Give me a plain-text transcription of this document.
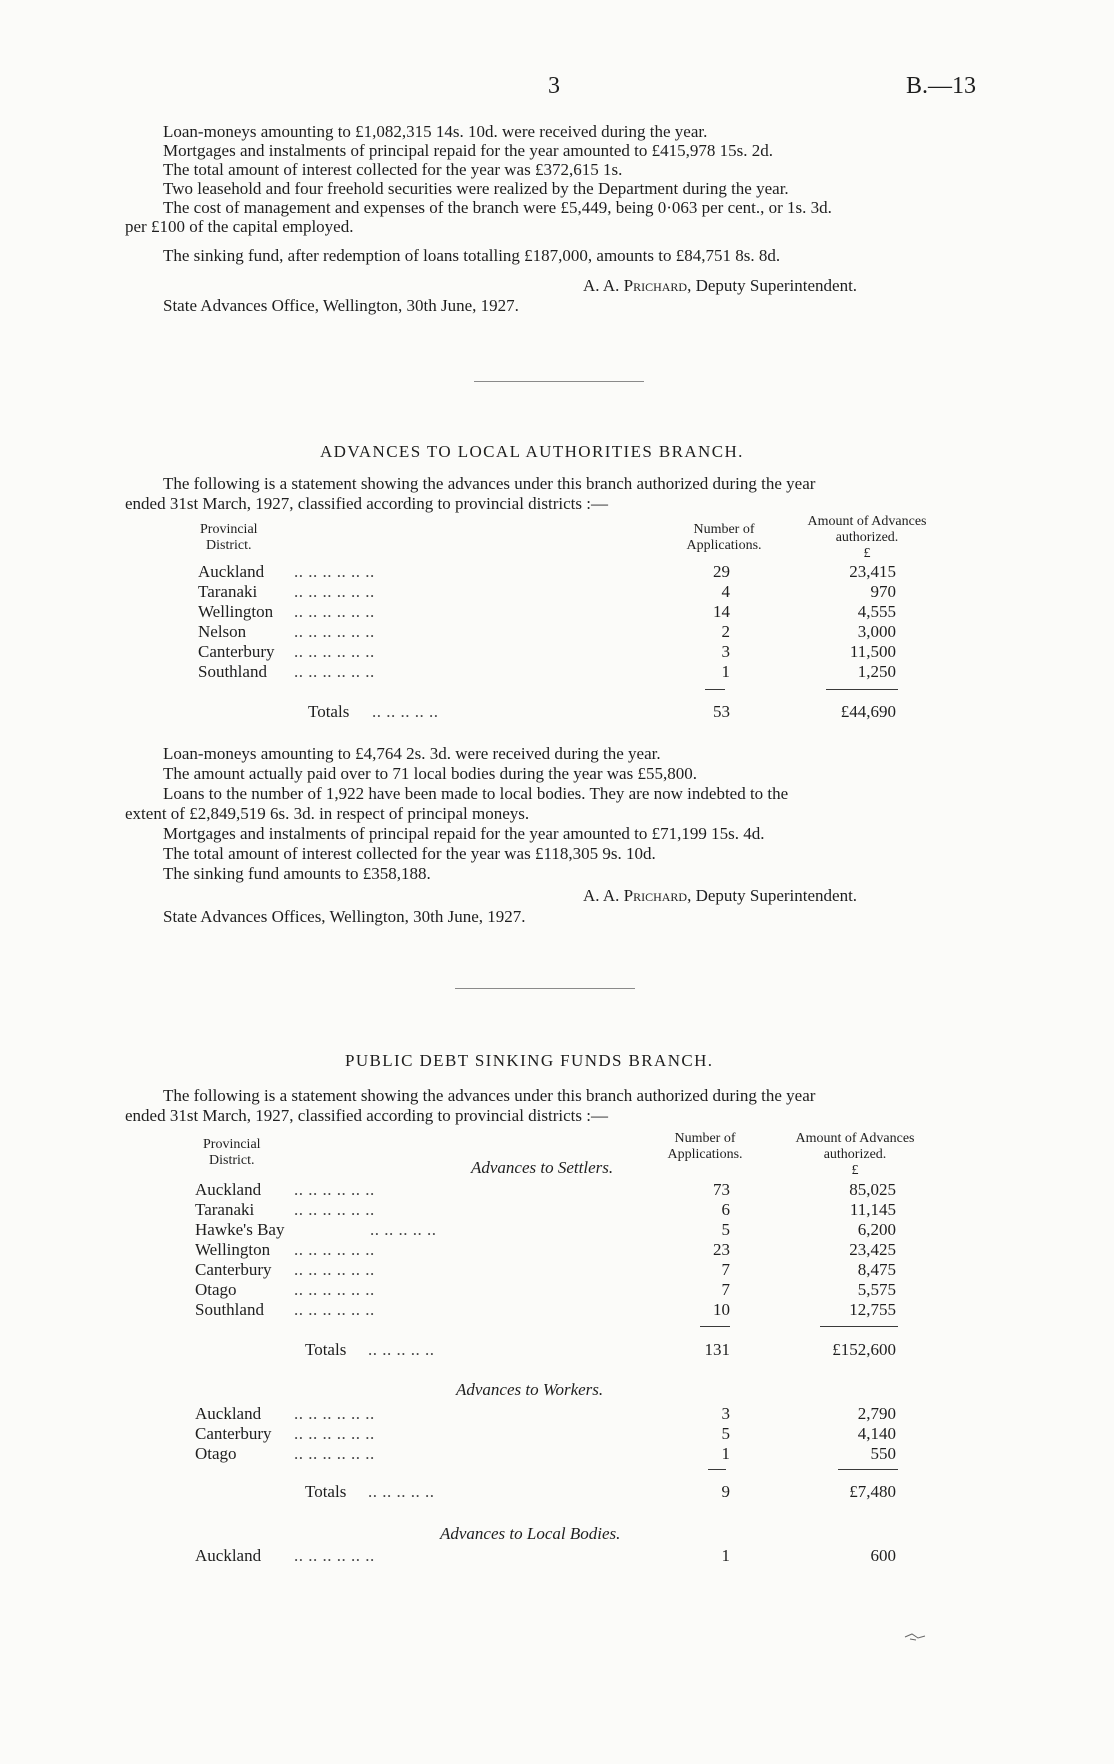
3	B.—13
Loan-moneys amounting to £1,082,315 14s. 10d. were received during the year.
Mortgages and instalments of principal repaid for the year amounted to £415,978 15s. 2d.
The total amount of interest collected for the year was £372,615 1s.
Two leasehold and four freehold securities were realized by the Department during the year.
The cost of management and expenses of the branch were £5,449, being 0·063 per cent., or 1s. 3d.
per £100 of the capital employed.
The sinking fund, after redemption of loans totalling £187,000, amounts to £84,751 8s. 8d.
A. A. Prichard, Deputy Superintendent.
State Advances Office, Wellington, 30th June, 1927.
ADVANCES TO LOCAL AUTHORITIES BRANCH.
The following is a statement showing the advances under this branch authorized during the year
ended 31st March, 1927, classified according to provincial districts :—
Provincial
District.
Number of
Applications.
Amount of Advances
authorized.
£
Auckland .. .. .. .. .. ..	29	23,415
Taranaki .. .. .. .. .. ..	4	970
Wellington .. .. .. .. .. ..	14	4,555
Nelson	.. .. .. .. .. ..	2	3,000
Canterbury .. .. .. .. .. ..	3	11,500
Southland .. .. .. .. .. ..	1	1,250
Totals .. .. .. .. ..	53	£44,690
Loan-moneys amounting to £4,764 2s. 3d. were received during the year.
The amount actually paid over to 71 local bodies during the year was £55,800.
Loans to the number of 1,922 have been made to local bodies. They are now indebted to the
extent of £2,849,519 6s. 3d. in respect of principal moneys.
Mortgages and instalments of principal repaid for the year amounted to £71,199 15s. 4d.
The total amount of interest collected for the year was £118,305 9s. 10d.
The sinking fund amounts to £358,188.
A. A. Prichard, Deputy Superintendent.
State Advances Offices, Wellington, 30th June, 1927.
PUBLIC DEBT SINKING FUNDS BRANCH.
The following is a statement showing the advances under this branch authorized during the year
ended 31st March, 1927, classified according to provincial districts :—
Provincial
District.
Number of
Applications.
Amount of Advances
authorized.
£
Advances to Settlers.
Auckland .. .. .. .. .. ..	73	85,025
Taranaki .. .. .. .. .. ..	6	11,145
Hawke's Bay	.. .. .. .. ..	5	6,200
Wellington .. .. .. .. .. ..	23	23,425
Canterbury .. .. .. .. .. ..	7	8,475
Otago	.. .. .. .. .. ..	7	5,575
Southland .. .. .. .. .. ..	10	12,755
Totals .. .. .. .. ..	131	£152,600
Advances to Workers.
Auckland .. .. .. .. .. ..	3	2,790
Canterbury .. .. .. .. .. ..	5	4,140
Otago	.. .. .. .. .. ..	1	550
Totals .. .. .. .. ..	9	£7,480
Advances to Local Bodies.
Auckland .. .. .. .. .. ..	1	600
